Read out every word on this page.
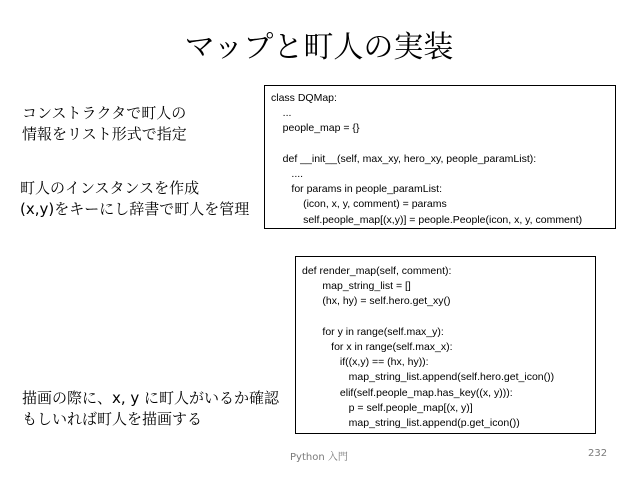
マップと町人の実装
コンストラクタで町人の
情報をリスト形式で指定
町人のインスタンスを作成
(x,y)をキーにし辞書で町人を管理
描画の際に、x, y に町人がいるか確認
もしいれば町人を描画する
class DQMap:
...
people_map = {}
def __init__(self, max_xy, hero_xy, people_paramList):
....
for params in people_paramList:
(icon, x, y, comment) = params
self.people_map[(x,y)] = people.People(icon, x, y, comment)
def render_map(self, comment):
map_string_list = []
(hx, hy) = self.hero.get_xy()
for y in range(self.max_y):
for x in range(self.max_x):
if((x,y) == (hx, hy)):
map_string_list.append(self.hero.get_icon())
elif(self.people_map.has_key((x, y))):
p = self.people_map[(x, y)]
map_string_list.append(p.get_icon())
Python 入門	232
